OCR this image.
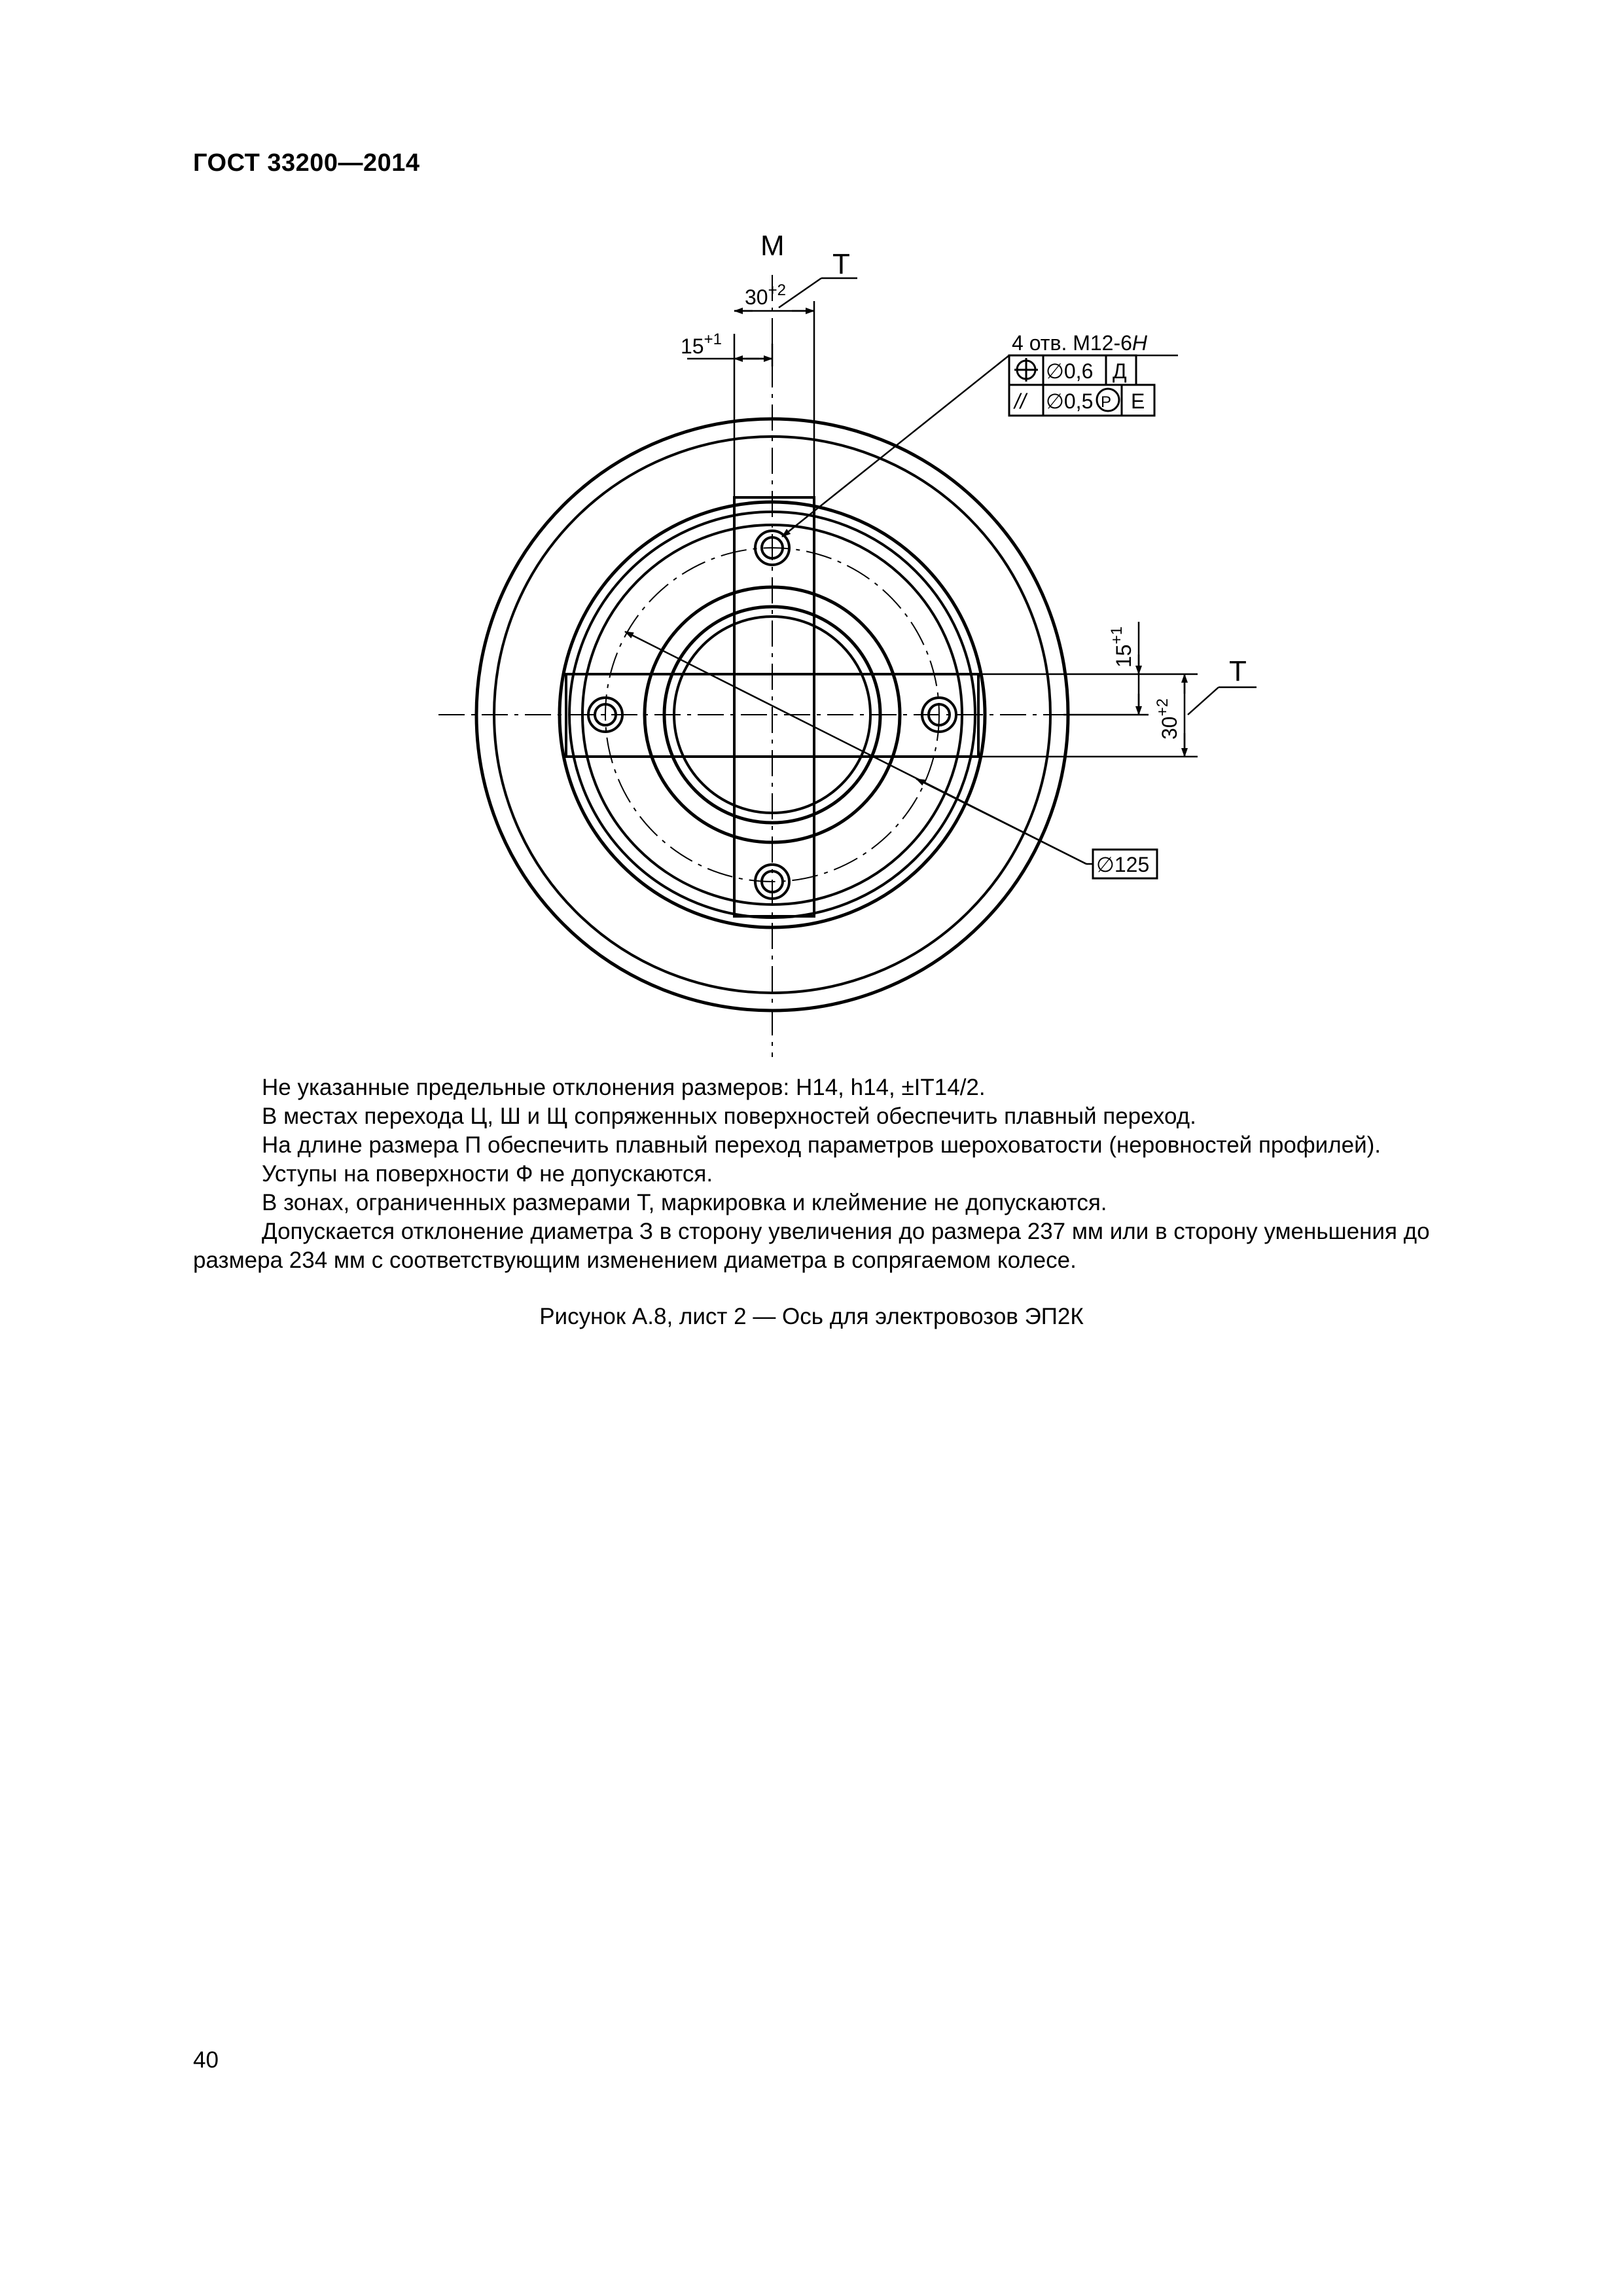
ГОСТ 33200—2014
М
Т
$30^{+2}$
$15^{+1}$
Т
$15^{+1}$
$30^{+2}$
4 отв. М12-6Н
∅0,6 Д
// ∅0,5 Р Е
∅125

Не указанные предельные отклонения размеров: Н14, h14, ±IT14/2.

В местах перехода Ц, Ш и Щ сопряженных поверхностей обеспечить плавный переход.

На длине размера П обеспечить плавный переход параметров шероховатости (неровностей профилей).

Уступы на поверхности Ф не допускаются.

В зонах, ограниченных размерами Т, маркировка и клеймение не допускаются.

Допускается отклонение диаметра З в сторону увеличения до размера 237 мм или в сторону уменьшения до размера 234 мм с соответствующим изменением диаметра в сопрягаемом колесе.

Рисунок А.8, лист 2 — Ось для электровозов ЭП2К
40
